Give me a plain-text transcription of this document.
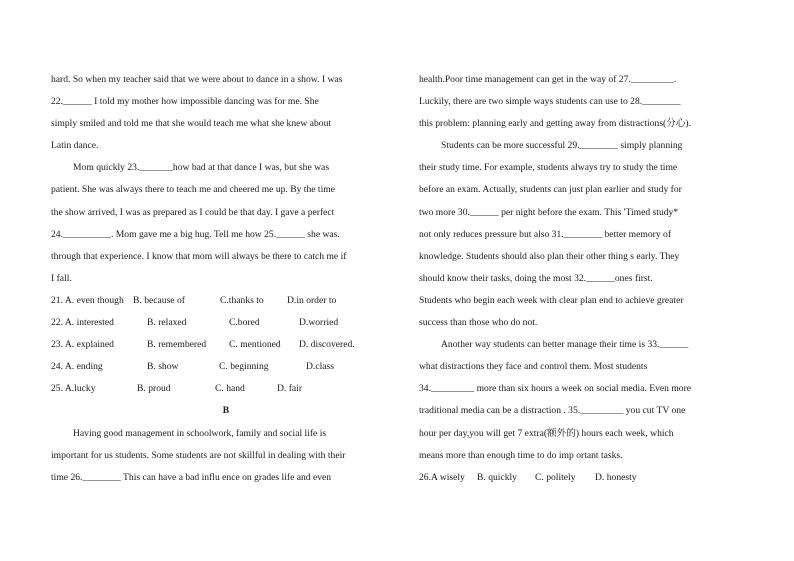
hard. So when my teacher said that we were about to dance in a show. I was
22.______ I told my mother how impossible dancing was for me. She
simply smiled and told me that she would teach me what she knew about
Latin dance.
Mom quickly 23._______how bad at that dance I was, but she was
patient. She was always there to teach me and cheered me up. By the time
the show arrived, I was as prepared as I could be that day. I gave a perfect
24.__________. Mom gave me a big hug. Tell me how 25.______ she was.
through that experience. I know that mom will always be there to catch me if
I fall.
21. A. even though B. because of	C.thanks to D.in order to
22. A. interested	B. relaxed	C.bored	D.worried
23. A. explained	B. remembered C. mentioned D. discovered.
24. A. ending	B. show	C. beginning	D.class
25. A.lucky	B. proud	C. hand	D. fair
B
Having good management in schoolwork, family and social life is
important for us students. Some students are not skillful in dealing with their
time 26.________ This can have a bad influ ence on grades life and even
health.Poor time management can get in the way of 27._________.
Luckily, there are two simple ways students can use to 28.________
this problem: planning early and getting away from distractions(分心).
Students can be more successful 29.________ simply planning
their study time. For example, students always try to study the time
before an exam. Actually, students can just plan earlier and study for
two more 30.______ per night before the exam. This 'Timed study*
not only reduces pressure but also 31.________ better memory of
knowledge. Students should also plan their other thing s early. They
should know their tasks, doing the most 32.______ones first.
Students who begin each week with clear plan end to achieve greater
success than those who do not.
Another way students can better manage their time is 33.______
what distractions they face and control them. Most students
34._________ more than six hours a week on social media. Even more
traditional media can be a distraction . 35._________ you cut TV one
hour per day,you will get 7 extra(额外的) hours each week, which
means more than enough time to do imp ortant tasks.
26.A wisely B. quickly C. politely D. honesty
